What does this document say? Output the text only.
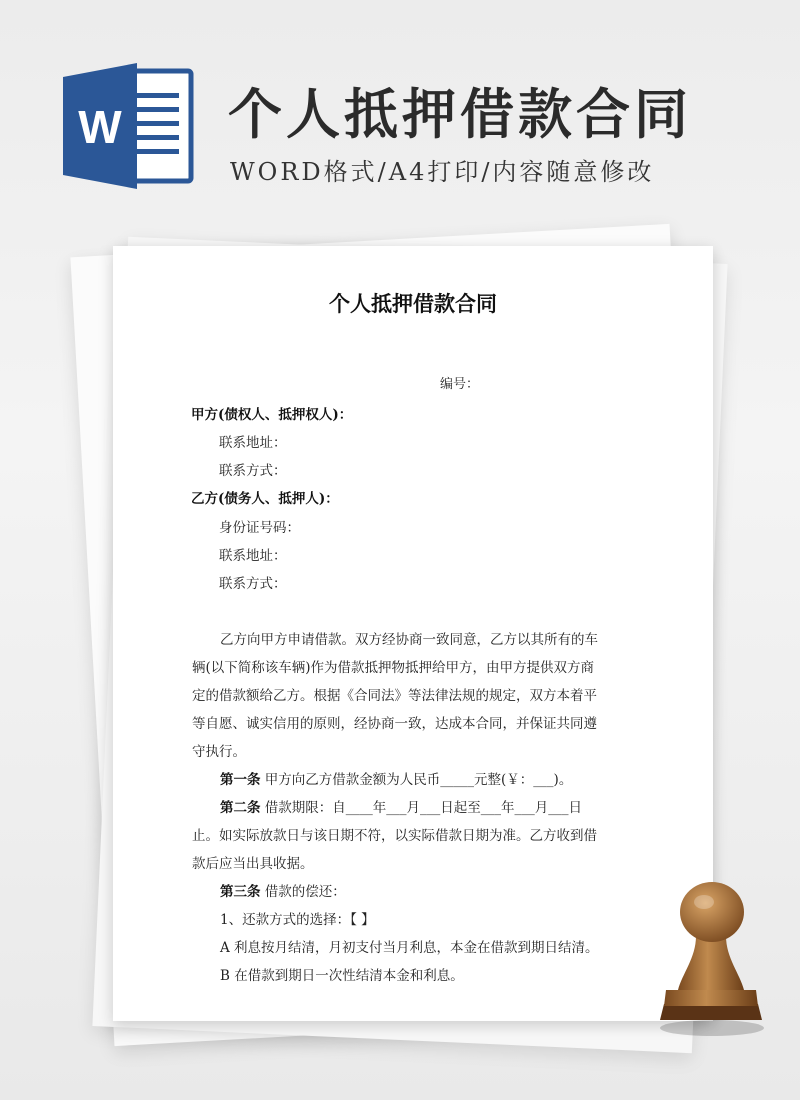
W 个人抵押借款合同

WORD格式/A4打印/内容随意修改

个人抵押借款合同
编号：
甲方(债权人、抵押权人)：
联系地址：
联系方式：
乙方(债务人、抵押人)：
身份证号码：
联系地址：
联系方式：
乙方向甲方申请借款。双方经协商一致同意，乙方以其所有的车
辆(以下简称该车辆)作为借款抵押物抵押给甲方，由甲方提供双方商
定的借款额给乙方。根据《合同法》等法律法规的规定，双方本着平
等自愿、诚实信用的原则，经协商一致，达成本合同，并保证共同遵
守执行。
第一条 甲方向乙方借款金额为人民币_____元整(￥：___)。
第二条 借款期限：自____年___月___日起至___年___月___日
止。如实际放款日与该日期不符，以实际借款日期为准。乙方收到借
款后应当出具收据。
第三条 借款的偿还：
1、还款方式的选择：【 】
A 利息按月结清，月初支付当月利息，本金在借款到期日结清。
B 在借款到期日一次性结清本金和利息。
